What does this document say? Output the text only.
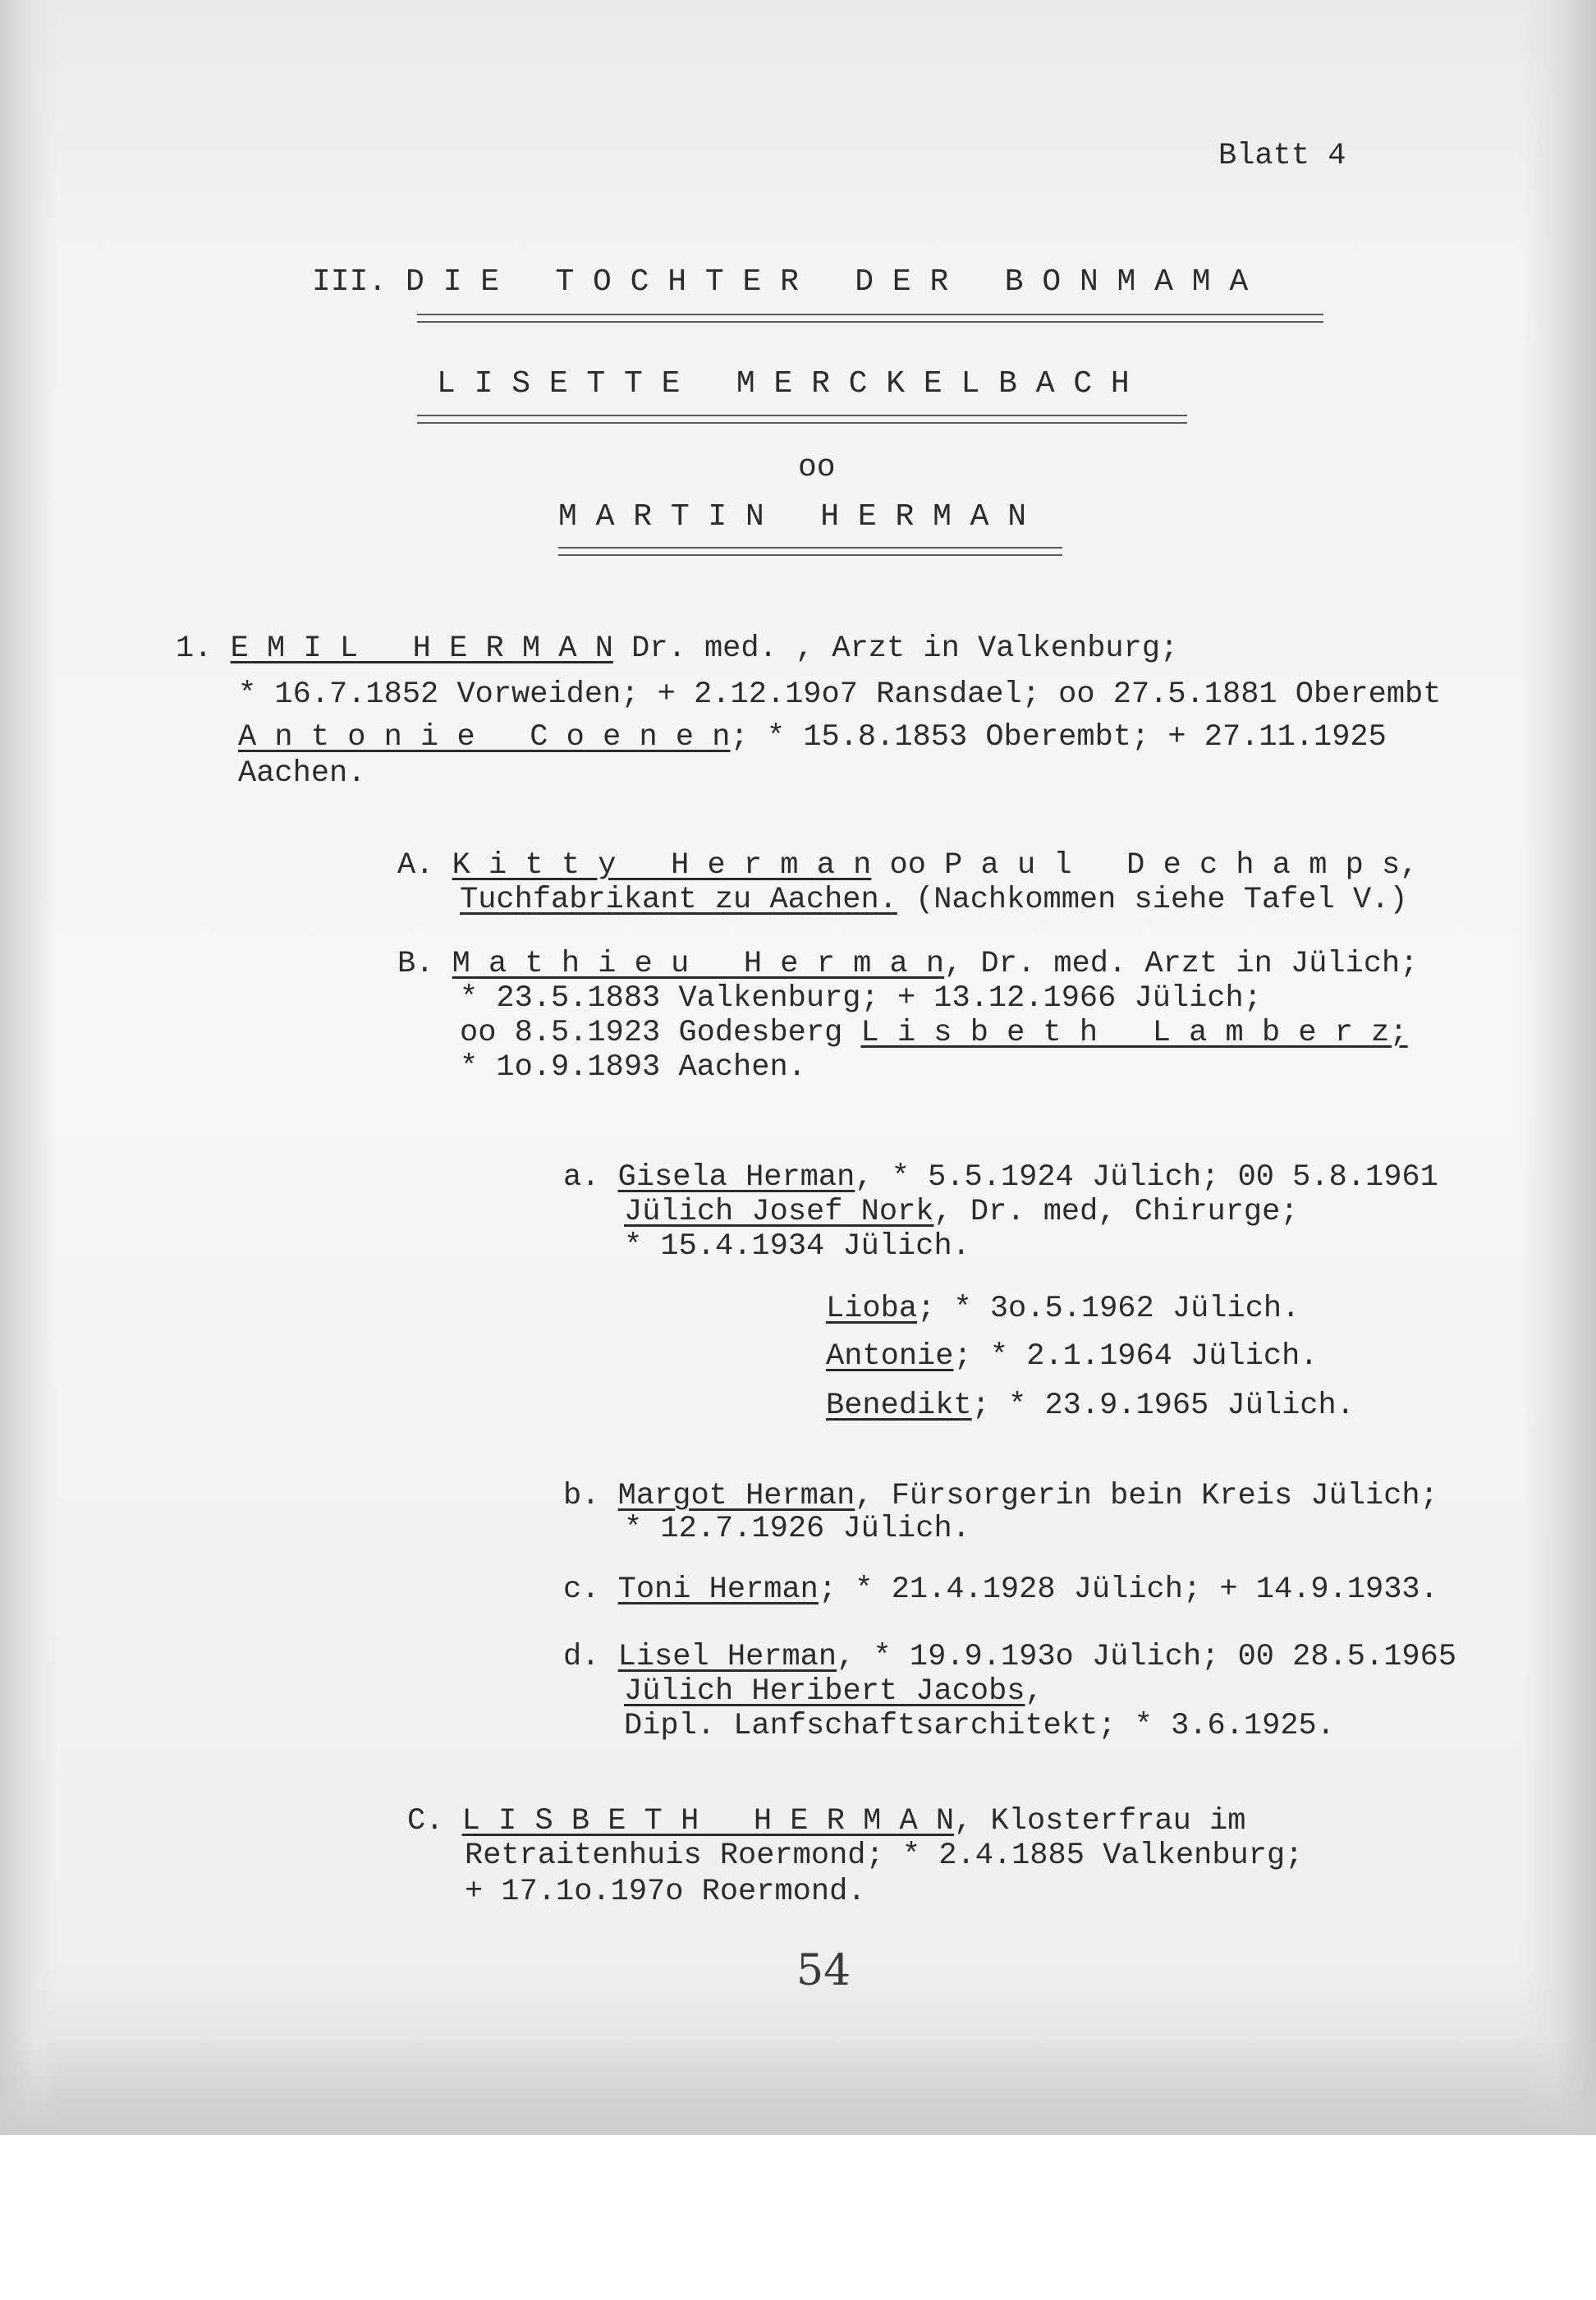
Blatt 4
III. D I E   T O C H T E R   D E R   B O N M A M A
L I S E T T E   M E R C K E L B A C H
oo
M A R T I N   H E R M A N
1. E M I L   H E R M A N Dr. med. , Arzt in Valkenburg;
* 16.7.1852 Vorweiden; + 2.12.19o7 Ransdael; oo 27.5.1881 Oberembt
A n t o n i e   C o e n e n; * 15.8.1853 Oberembt; + 27.11.1925
Aachen.
A. K i t t y   H e r m a n oo P a u l   D e c h a m p s,
Tuchfabrikant zu Aachen. (Nachkommen siehe Tafel V.)
B. M a t h i e u   H e r m a n, Dr. med. Arzt in Jülich;
* 23.5.1883 Valkenburg; + 13.12.1966 Jülich;
oo 8.5.1923 Godesberg L i s b e t h   L a m b e r z;
* 1o.9.1893 Aachen.
a. Gisela Herman, * 5.5.1924 Jülich; 00 5.8.1961
Jülich Josef Nork, Dr. med, Chirurge;
* 15.4.1934 Jülich.
Lioba; * 3o.5.1962 Jülich.
Antonie; * 2.1.1964 Jülich.
Benedikt; * 23.9.1965 Jülich.
b. Margot Herman, Fürsorgerin bein Kreis Jülich;
* 12.7.1926 Jülich.
c. Toni Herman; * 21.4.1928 Jülich; + 14.9.1933.
d. Lisel Herman, * 19.9.193o Jülich; 00 28.5.1965
Jülich Heribert Jacobs,
Dipl. Lanfschaftsarchitekt; * 3.6.1925.
C. L I S B E T H   H E R M A N, Klosterfrau im
Retraitenhuis Roermond; * 2.4.1885 Valkenburg;
+ 17.1o.197o Roermond.
54
